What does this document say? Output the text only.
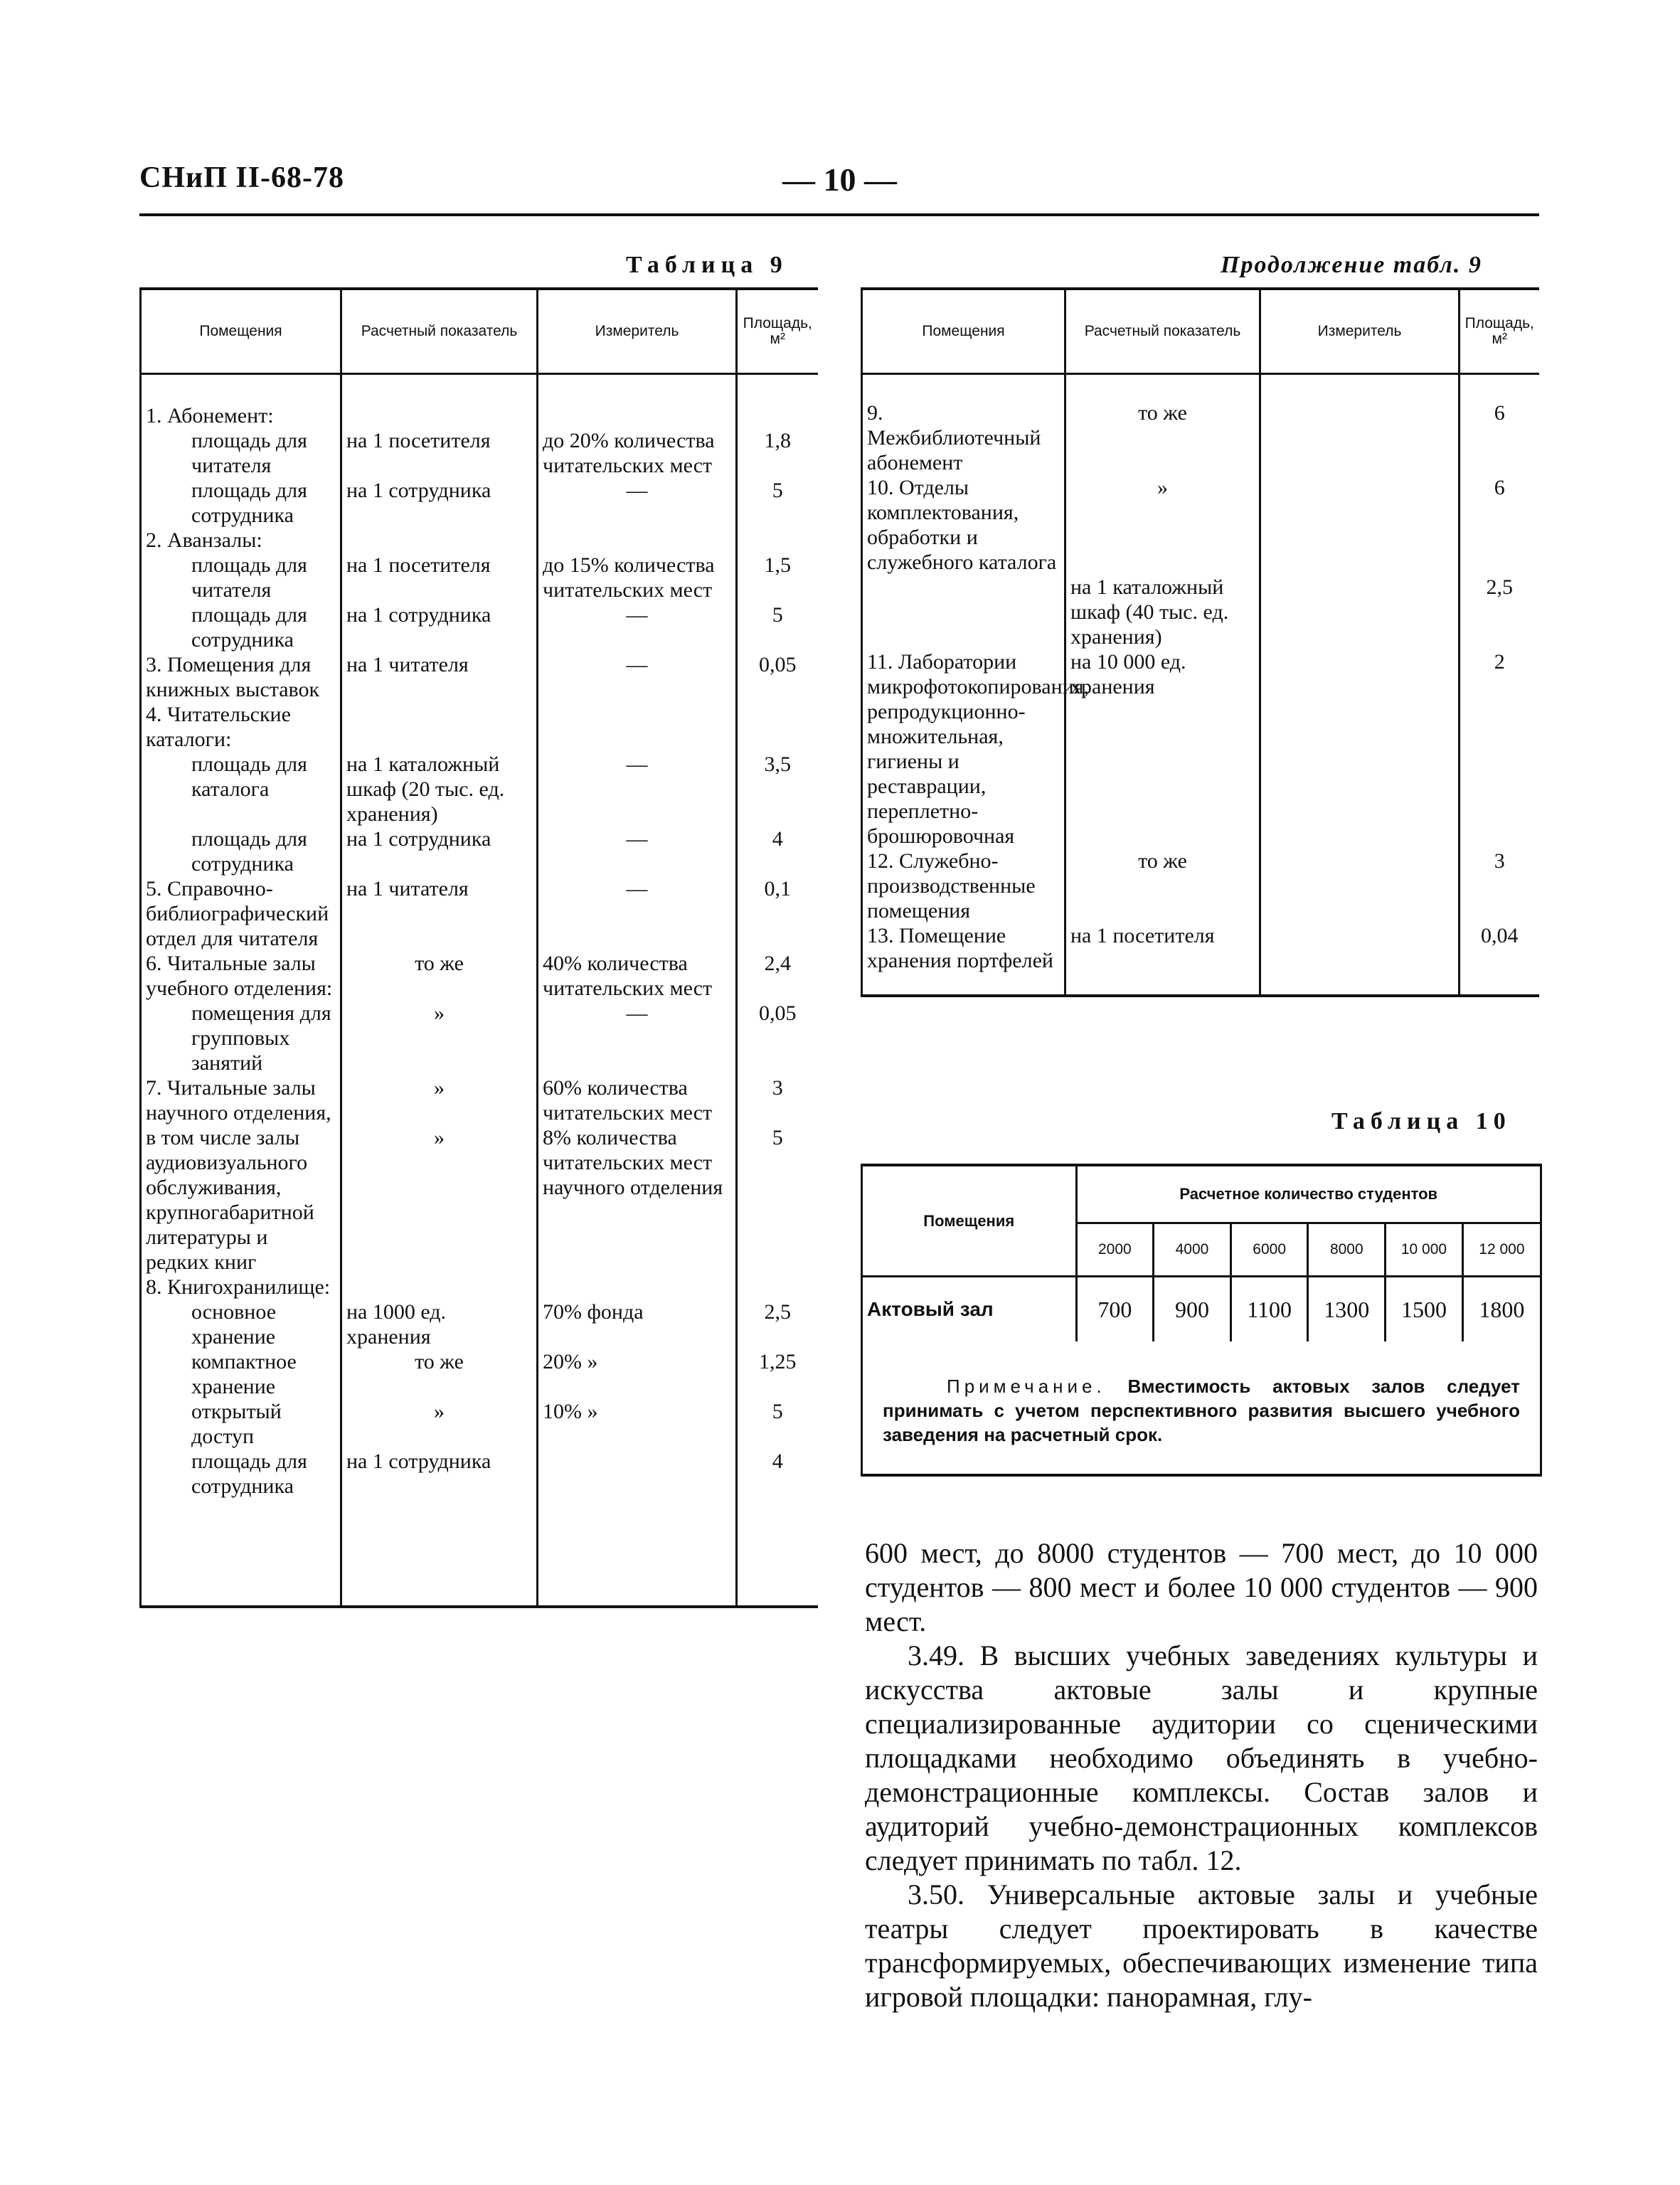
СНиП II-68-78	— 10 —
Таблица 9
Помещения	Расчетный показатель	Измеритель	Площадь, м²

1. Абонемент:			
площадь для читателя	на 1 посетителя	до 20% количества читательских мест	1,8
площадь для сотрудника	на 1 сотрудника	—	5
2. Аванзалы:			
площадь для читателя	на 1 посетителя	до 15% количества читательских мест	1,5
площадь для сотрудника	на 1 сотрудника	—	5
3. Помещения для книжных выставок	на 1 читателя	—	0,05
4. Читательские каталоги:			
площадь для каталога	на 1 каталожный шкаф (20 тыс. ед. хранения)	—	3,5
площадь для сотрудника	на 1 сотрудника	—	4
5. Справочно-библиографический отдел для читателя	на 1 читателя	—	0,1
6. Читальные залы учебного отделения:	то же	40% количества читательских мест	2,4
помещения для групповых занятий	»	—	0,05
7. Читальные залы научного отделения,	»	60% количества читательских мест	3
в том числе залы аудиовизуального обслуживания, крупногабаритной литературы и редких книг	»	8% количества читательских мест научного отделения	5
8. Книгохранилище:			
основное хранение	на 1000 ед. хранения	70% фонда	2,5
компактное хранение	то же	20% »	1,25
открытый доступ	»	10% »	5
площадь для сотрудника	на 1 сотрудника		4

Продолжение табл. 9
Помещения	Расчетный показатель	Измеритель	Площадь, м²

9. Межбиблиотечный абонемент	то же		6
10. Отделы комплектования, обработки и служебного каталога	»		6
	на 1 каталожный шкаф (40 тыс. ед. хранения)		2,5
11. Лаборатории микрофотокопирования, репродукционно-множительная, гигиены и реставрации, переплетно-брошюровочная	на 10 000 ед. хранения		2
12. Служебно-производственные помещения	то же		3
13. Помещение хранения портфелей	на 1 посетителя		0,04

Таблица 10
Помещения	Расчетное количество студентов					
	2000	4000	6000	8000	10 000	12 000
Актовый зал	700	900	1100	1300	1500	1800
Примечание. Вместимость актовых залов следует принимать с учетом перспективного развития высшего учебного заведения на расчетный срок.

600 мест, до 8000 студентов — 700 мест, до 10 000 студентов — 800 мест и более 10 000 студентов — 900 мест.

3.49. В высших учебных заведениях культуры и искусства актовые залы и крупные специализированные аудитории со сценическими площадками необходимо объединять в учебно-демонстрационные комплексы. Состав залов и аудиторий учебно-демонстрационных комплексов следует принимать по табл. 12.

3.50. Универсальные актовые залы и учебные театры следует проектировать в качестве трансформируемых, обеспечивающих изменение типа игровой площадки: панорамная, глу-
